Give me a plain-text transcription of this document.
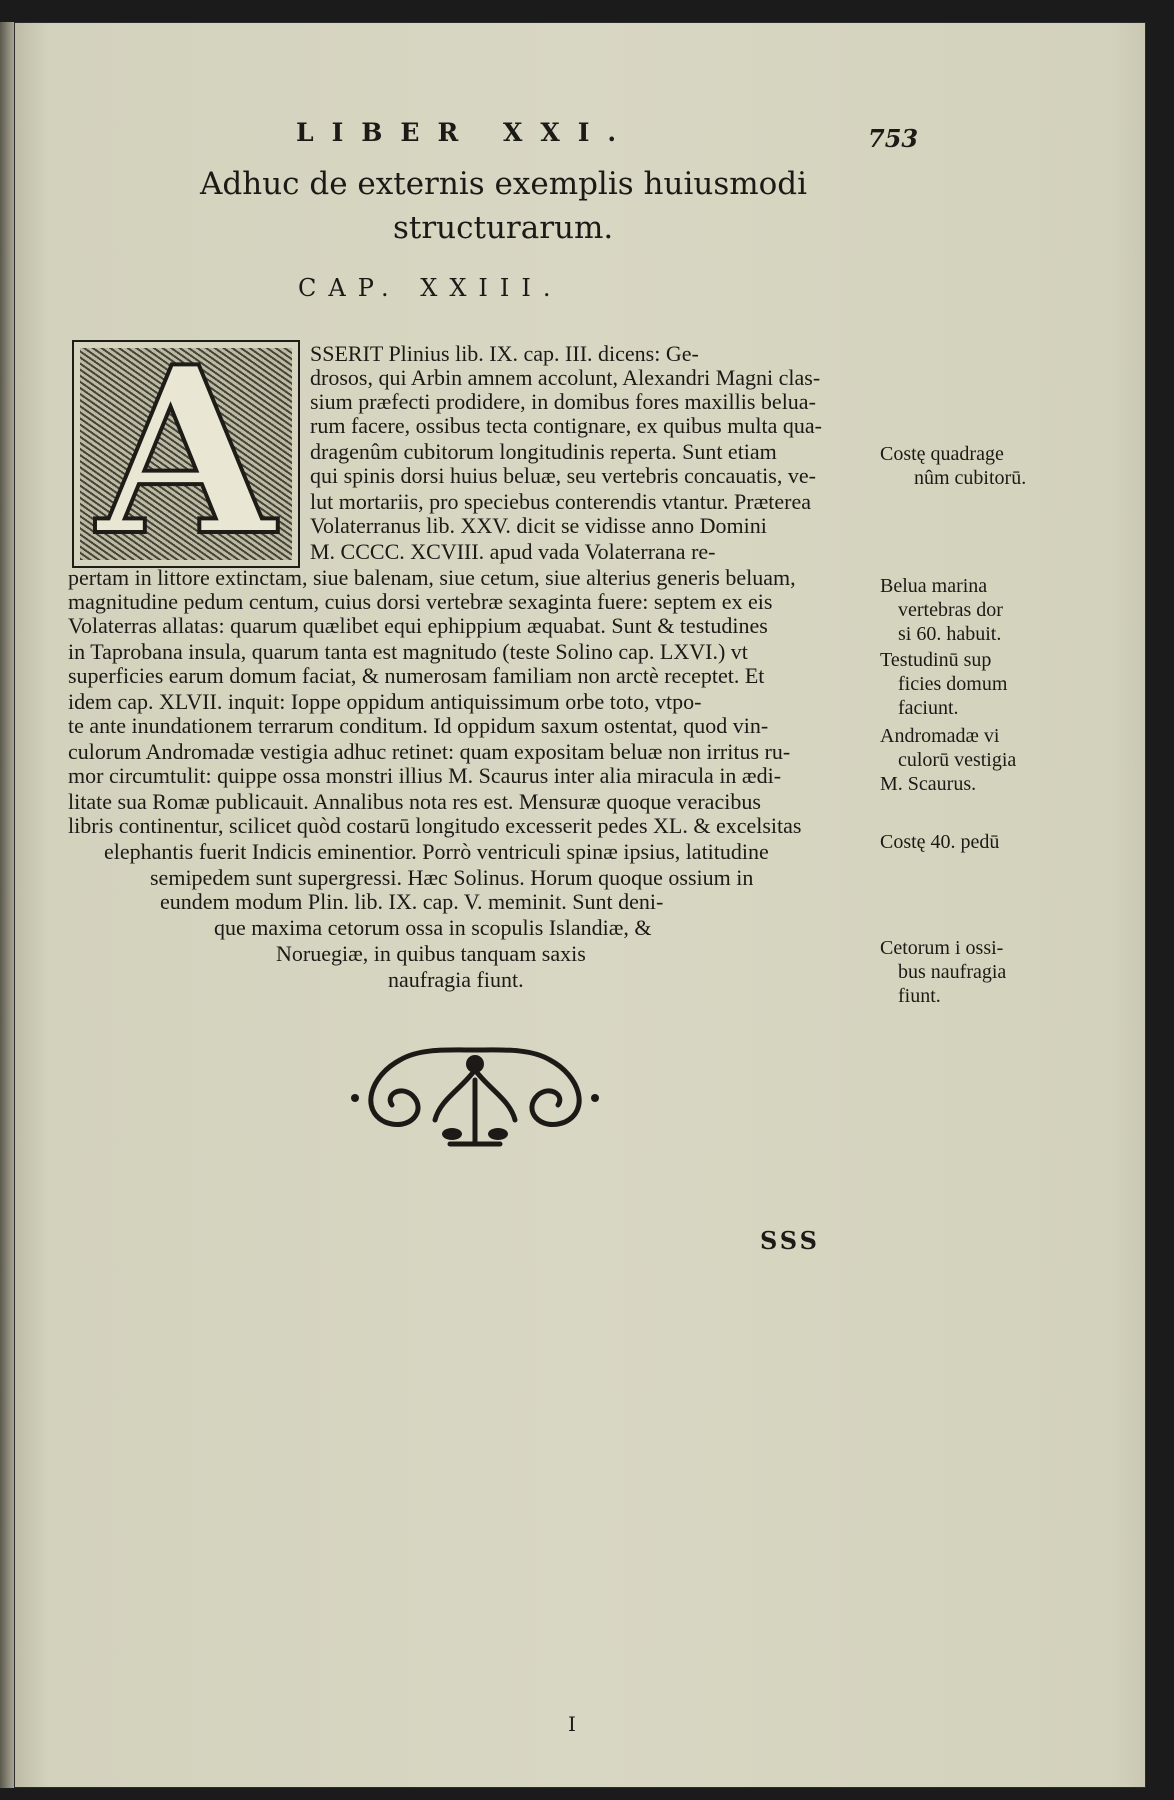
LIBER XXI.	753
Adhuc de externis exemplis huiusmodi
structurarum.
CAP. XXIII.
A	SSERIT Plinius lib. IX. cap. III. dicens: Ge-
drosos, qui Arbin amnem accolunt, Alexandri Magni clas-
sium præfecti prodidere, in domibus fores maxillis belua-
rum facere, ossibus tecta contignare, ex quibus multa qua-
dragenûm cubitorum longitudinis reperta. Sunt etiam
qui spinis dorsi huius beluæ, seu vertebris concauatis, ve-
lut mortariis, pro speciebus conterendis vtantur. Præterea
Volaterranus lib. XXV. dicit se vidisse anno Domini
M. CCCC. XCVIII. apud vada Volaterrana re-
pertam in littore extinctam, siue balenam, siue cetum, siue alterius generis beluam,
magnitudine pedum centum, cuius dorsi vertebræ sexaginta fuere: septem ex eis
Volaterras allatas: quarum quælibet equi ephippium æquabat. Sunt & testudines
in Taprobana insula, quarum tanta est magnitudo (teste Solino cap. LXVI.) vt
superficies earum domum faciat, & numerosam familiam non arctè receptet. Et
idem cap. XLVII. inquit: Ioppe oppidum antiquissimum orbe toto, vtpo-
te ante inundationem terrarum conditum. Id oppidum saxum ostentat, quod vin-
culorum Andromadæ vestigia adhuc retinet: quam expositam beluæ non irritus ru-
mor circumtulit: quippe ossa monstri illius M. Scaurus inter alia miracula in ædi-
litate sua Romæ publicauit. Annalibus nota res est. Mensuræ quoque veracibus
libris continentur, scilicet quòd costarū longitudo excesserit pedes XL. & excelsitas
elephantis fuerit Indicis eminentior. Porrò ventriculi spinæ ipsius, latitudine
semipedem sunt supergressi. Hæc Solinus. Horum quoque ossium in
eundem modum Plin. lib. IX. cap. V. meminit. Sunt deni-
que maxima cetorum ossa in scopulis Islandiæ, &
Noruegiæ, in quibus tanquam saxis
naufragia fiunt.
Costę quadrage
nûm cubitorū.
Belua marina
vertebras dor
si 60. habuit.
Testudinū sup
ficies domum
faciunt.
Andromadæ vi
culorū vestigia
M. Scaurus.
Costę 40. pedū
Cetorum i ossi-
bus naufragia
fiunt.
SSS
I
